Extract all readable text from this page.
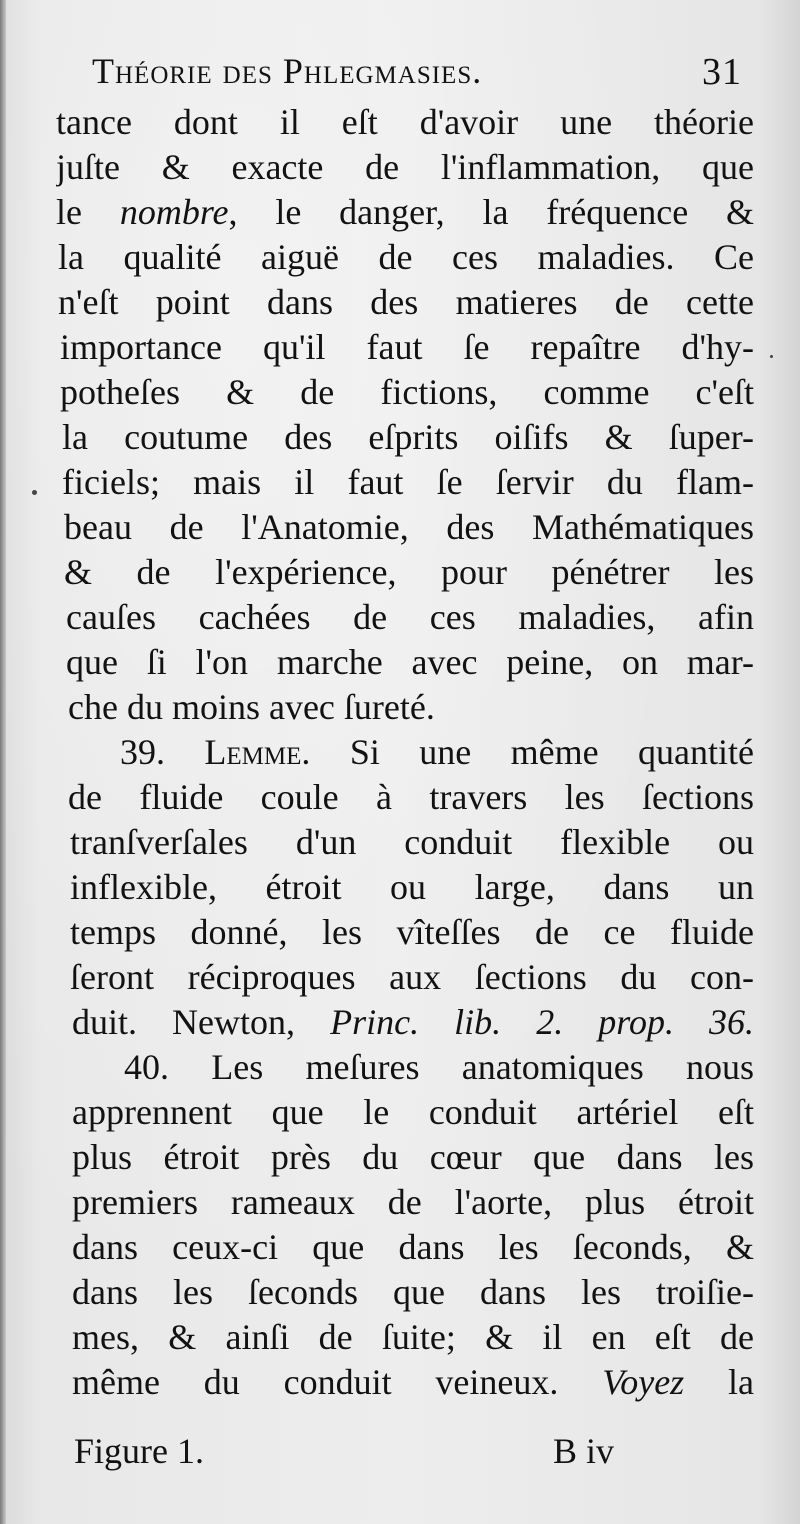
Théorie des Phlegmasies.	31
tance dont il eſt d'avoir une théorie
juſte & exacte de l'inflammation, que
le nombre, le danger, la fréquence &
la qualité aiguë de ces maladies. Ce
n'eſt point dans des matieres de cette
importance qu'il faut ſe repaître d'hy-
potheſes & de fictions, comme c'eſt
la coutume des eſprits oiſifs & ſuper-
ficiels; mais il faut ſe ſervir du flam-
beau de l'Anatomie, des Mathématiques
& de l'expérience, pour pénétrer les
cauſes cachées de ces maladies, afin
que ſi l'on marche avec peine, on mar-
che du moins avec ſureté.
39. Lemme. Si une même quantité
de fluide coule à travers les ſections
tranſverſales d'un conduit flexible ou
inflexible, étroit ou large, dans un
temps donné, les vîteſſes de ce fluide
ſeront réciproques aux ſections du con-
duit. Newton, Princ. lib. 2. prop. 36.
40. Les meſures anatomiques nous
apprennent que le conduit artériel eſt
plus étroit près du cœur que dans les
premiers rameaux de l'aorte, plus étroit
dans ceux-ci que dans les ſeconds, &
dans les ſeconds que dans les troiſie-
mes, & ainſi de ſuite; & il en eſt de
même du conduit veineux. Voyez la
Figure 1.	B iv
